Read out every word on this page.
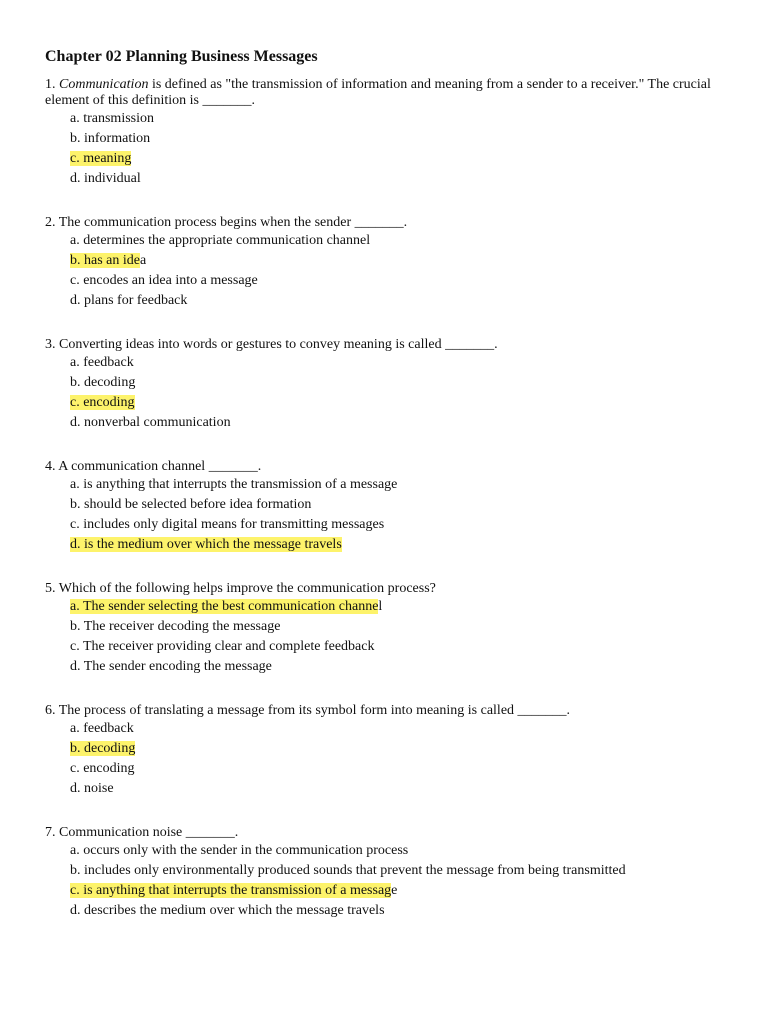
Chapter 02 Planning Business Messages

1. Communication is defined as "the transmission of information and meaning from a sender to a receiver." The crucial element of this definition is _______.

a. transmission
b. information
c. meaning
d. individual

2. The communication process begins when the sender _______.

a. determines the appropriate communication channel
b. has an idea
c. encodes an idea into a message
d. plans for feedback

3. Converting ideas into words or gestures to convey meaning is called _______.

a. feedback
b. decoding
c. encoding
d. nonverbal communication

4. A communication channel _______.

a. is anything that interrupts the transmission of a message
b. should be selected before idea formation
c. includes only digital means for transmitting messages
d. is the medium over which the message travels

5. Which of the following helps improve the communication process?

a. The sender selecting the best communication channel
b. The receiver decoding the message
c. The receiver providing clear and complete feedback
d. The sender encoding the message

6. The process of translating a message from its symbol form into meaning is called _______.

a. feedback
b. decoding
c. encoding
d. noise

7. Communication noise _______.

a. occurs only with the sender in the communication process
b. includes only environmentally produced sounds that prevent the message from being transmitted
c. is anything that interrupts the transmission of a message
d. describes the medium over which the message travels
